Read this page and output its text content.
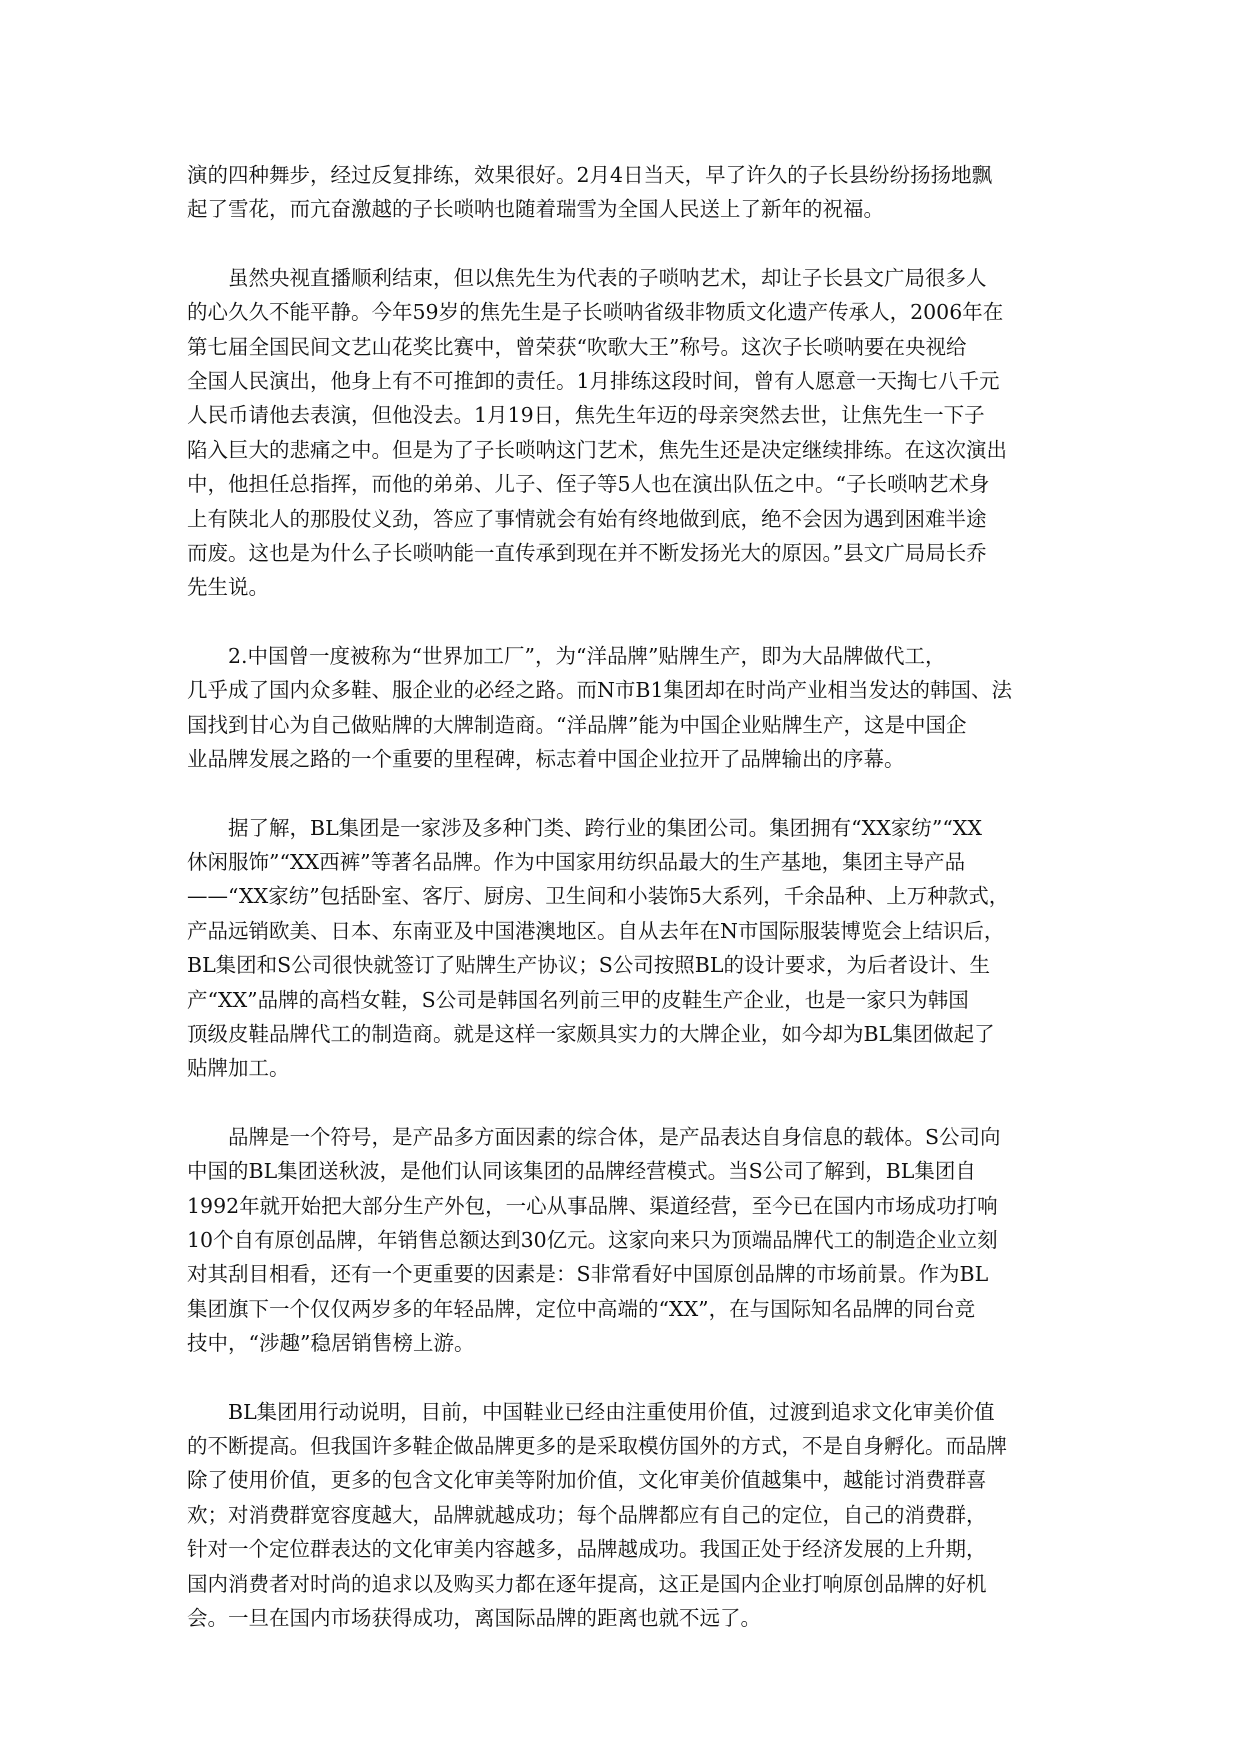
演的四种舞步，经过反复排练，效果很好。2月4日当天，早了许久的子长县纷纷扬扬地飘
起了雪花，而亢奋激越的子长唢呐也随着瑞雪为全国人民送上了新年的祝福。

虽然央视直播顺利结束，但以焦先生为代表的子唢呐艺术，却让子长县文广局很多人
的心久久不能平静。今年59岁的焦先生是子长唢呐省级非物质文化遗产传承人，2006年在
第七届全国民间文艺山花奖比赛中，曾荣获“吹歌大王”称号。这次子长唢呐要在央视给
全国人民演出，他身上有不可推卸的责任。1月排练这段时间，曾有人愿意一天掏七八千元
人民币请他去表演，但他没去。1月19日，焦先生年迈的母亲突然去世，让焦先生一下子
陷入巨大的悲痛之中。但是为了子长唢呐这门艺术，焦先生还是决定继续排练。在这次演出
中，他担任总指挥，而他的弟弟、儿子、侄子等5人也在演出队伍之中。“子长唢呐艺术身
上有陕北人的那股仗义劲，答应了事情就会有始有终地做到底，绝不会因为遇到困难半途
而废。这也是为什么子长唢呐能一直传承到现在并不断发扬光大的原因。”县文广局局长乔
先生说。

2.中国曾一度被称为“世界加工厂”，为“洋品牌”贴牌生产，即为大品牌做代工，
几乎成了国内众多鞋、服企业的必经之路。而N市B1集团却在时尚产业相当发达的韩国、法
国找到甘心为自己做贴牌的大牌制造商。“洋品牌”能为中国企业贴牌生产，这是中国企
业品牌发展之路的一个重要的里程碑，标志着中国企业拉开了品牌输出的序幕。

据了解，BL集团是一家涉及多种门类、跨行业的集团公司。集团拥有“XX家纺”“XX
休闲服饰”“XX西裤”等著名品牌。作为中国家用纺织品最大的生产基地，集团主导产品
——“XX家纺”包括卧室、客厅、厨房、卫生间和小装饰5大系列，千余品种、上万种款式，
产品远销欧美、日本、东南亚及中国港澳地区。自从去年在N市国际服装博览会上结识后，
BL集团和S公司很快就签订了贴牌生产协议；S公司按照BL的设计要求，为后者设计、生
产“XX”品牌的高档女鞋，S公司是韩国名列前三甲的皮鞋生产企业，也是一家只为韩国
顶级皮鞋品牌代工的制造商。就是这样一家颇具实力的大牌企业，如今却为BL集团做起了
贴牌加工。

品牌是一个符号，是产品多方面因素的综合体，是产品表达自身信息的载体。S公司向
中国的BL集团送秋波，是他们认同该集团的品牌经营模式。当S公司了解到，BL集团自
1992年就开始把大部分生产外包，一心从事品牌、渠道经营，至今已在国内市场成功打响
10个自有原创品牌，年销售总额达到30亿元。这家向来只为顶端品牌代工的制造企业立刻
对其刮目相看，还有一个更重要的因素是：S非常看好中国原创品牌的市场前景。作为BL
集团旗下一个仅仅两岁多的年轻品牌，定位中高端的“XX”，在与国际知名品牌的同台竞
技中，“涉趣”稳居销售榜上游。

BL集团用行动说明，目前，中国鞋业已经由注重使用价值，过渡到追求文化审美价值
的不断提高。但我国许多鞋企做品牌更多的是采取模仿国外的方式，不是自身孵化。而品牌
除了使用价值，更多的包含文化审美等附加价值，文化审美价值越集中，越能讨消费群喜
欢；对消费群宽容度越大，品牌就越成功；每个品牌都应有自己的定位，自己的消费群，
针对一个定位群表达的文化审美内容越多，品牌越成功。我国正处于经济发展的上升期，
国内消费者对时尚的追求以及购买力都在逐年提高，这正是国内企业打响原创品牌的好机
会。一旦在国内市场获得成功，离国际品牌的距离也就不远了。
